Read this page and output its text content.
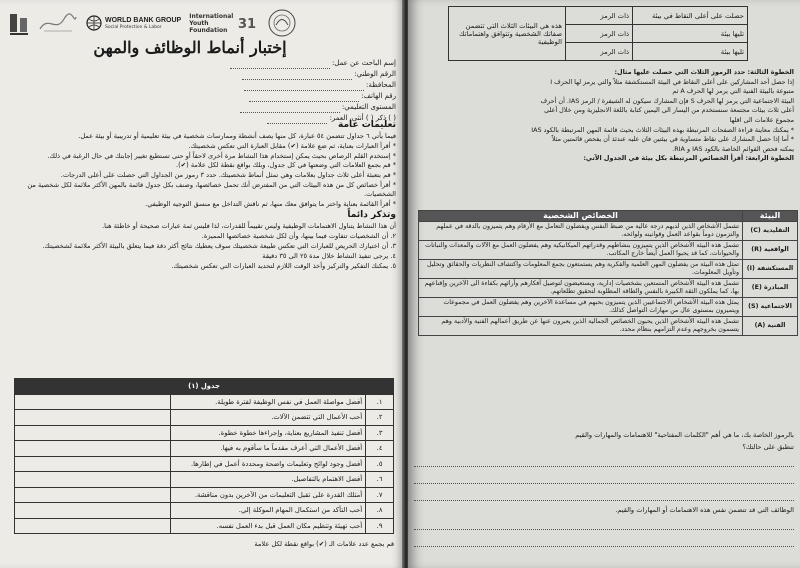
WORLD BANK GROUP
Social Protection & Labor
International Youth Foundation 31
إختبار أنماط الوظائف والمهن
إسم الباحث عن عمل:
الرقم الوطني:
المحافظة:
رقم الهاتف:
المستوى التعليمي:
( ) ذكر ( ) أنثى، العمر:
تعليمات عامة

فيما يأتي ٦ جداول تتضمن ٥٤ عبارة، كل منها يصف أنشطة وممارسات شخصية في بيئة تعليمية أو تدريبية أو بيئة عمل.

* أقرأ العبارات بعناية، ثم ضع علامة (✔) مقابل العبارة التي تعكس شخصيتك.

* إستخدم القلم الرصاص بحيث يمكن إستخدام هذا النشاط مرة أخرى لاحقاً أو حتى تستطيع تغيير إجابتك في حال الرغبة في ذلك.

* قم بجمع العلامات التي وضعتها في كل جدول، وبلك بواقع نقطة لكل علامة (✔).

* قم بتعبئة أعلى ثلاث جداول بعلامات وهي تمثل أنماط شخصيتك. حدد ٣ رموز من الجداول التي حصلت على أعلى الدرجات.

* أقرأ خصائص كل من هذه البيئات التي من المفترض أنك تحمل خصائصها، وصنف بكل جدول قائمة بالمهن الأكثر ملائمة لكل شخصية من الشخصيات.

* أقرأ القائمة بعناية واختر ما يتوافق معك منها، ثم ناقش التداخل مع منسق التوجيه الوظيفي.

وتذكر دائماً

أن هذا النشاط يتناول الاهتمامات الوظيفية وليس تقييماً للقدرات، لذا فليس ثمة عبارات صحيحة أو خاطئة هنا.

٢. أن الشخصيات تتفاوت فيما بينها، وأن لكل شخصية خصائصها المميزة.

٣. أن اختيارك الحريص للعبارات التي تعكس طبيعة شخصيتك سوف يعطيك نتائج أكثر دقة فيما يتعلق بالبيئة الأكثر ملائمة لشخصيتك.

٤. يرجى تنفيذ النشاط خلال مدة ٢٥ الى ٣٥ دقيقة

٥. يمكنك التفكير والتركيز وأخذ الوقت اللازم لتحديد العبارات التي تعكس شخصيتك.

جدول (١)		
١.	أفضل مواصلة العمل في نفس الوظيفة لفترة طويلة.	
٢.	أحب الأعمال التي تتضمن الآلات.	
٣.	أفضل تنفيذ المشاريع بعناية، وإجراءها خطوة خطوة.	
٤.	أفضل الأعمال التي أعرف مقدماً ما سأقوم به فيها.	
٥.	أفضل وجود لوائح وتعليمات واضحة ومحددة أعمل في إطارها.	
٦.	أفضل الاهتمام بالتفاصيل.	
٧.	أمتلك القدرة على تقبل التعليمات من الآخرين بدون مناقشة.	
٨.	أحب التأكد من استكمال المهام الموكلة إلي.	
٩.	أحب تهيئة وتنظيم مكان العمل قبل بدء العمل نفسه.	
قم بجمع عدد علامات الـ (✔) بواقع نقطة لكل علامة
حصلت على أعلى النقاط في بيئة	ذات الرمز	هذه هي البيئات الثلاث التي تتضمن صفاتك الشخصية وتتوافق واهتماماتك الوظيفية
تليها بيئة	ذات الرمز	
تليها بيئة	ذات الرمز	

الخطوة الثالثة: حدد الرموز الثلاث التي حصلت عليها مثال:

إذا حصل أحد المشاركين على أعلى النقاط في البيئة المستكشفة مثلاً والتي يرمز لها الحرف I

متبوعة بالبيئة الفنية التي يرمز لها الحرف A ثم

البيئة الاجتماعية التي يرمز لها الحرف S فإن المشارك سيكون له الشيفرة / الرمز IAS. أن أحرف

أعلى ثلاث بيئات مجتمعة سنستخدم من اليسار الى اليمين كتابة باللغة الانجليزية ومن خلال أعلى

مجموع علامات الى اقلها

* يمكنك معاينة قراءة الصفحات المرتبطة بهذه البيئات الثلاث بحيث قائمة المهن المرتبطة بالكود IAS

* أما إذا حصل المشارك على نقاط متساوية في بيئتين فان عليه عندئذ أن يفحص قائمتين مثلاً

يمكنه فحص القوائم الخاصة بالكود IAS و RIA.

الخطوة الرابعة: أقرأ الخصائص المرتبطة بكل بيئة في الجدول الآتي:

البيئة	الخصائص الشخصية
التقليدية (C)	تشمل الأشخاص الذين لديهم درجة عالية من ضبط النفس ويفضلون التعامل مع الأرقام وهم يتميزون بالدقة في عملهم والتزمون دوماً بقواعد العمل وقوانينه ولوائحه.
الواقعية (R)	تشمل هذه البيئة الأشخاص الذين يتميزون بنشاطهم وقدراتهم الميكانيكية وهم يفضلون العمل مع الآلات والمعدات والنباتات والحيوانات، كما قد يحبوا العمل أيضاً خارج المكاتب.
المستكشفة (I)	تمثل هذه البيئة من يفضلون المهن العلمية والفكرية وهم يستمتعون بجمع المعلومات واكتشاف النظريات والحقائق وتحليل وتأويل المعلومات.
المبادرة (E)	تشمل هذه البيئة الأشخاص المتمتعين بشخصيات إدارية، ويستعيضون لتوصيل أفكارهم وأرائهم بكفاءة الى الآخرين وإقناعهم بها، كما يملكون الثقة الكبيرة بالنفس والطاقة المطلوبة لتحقيق تطلعاتهم.
الاجتماعية (S)	يمثل هذه البيئة الأشخاص الاجتماعيين الذين يتميزون بحبهم في مساعدة الآخرين وهم يفضلون العمل في مجموعات ويتميزون بمستوى عال من مهارات التواصل كذلك.
الفنية (A)	تشمل هذه البيئة الأشخاص الذين يحبون الخصائص الجمالية الذين يعبرون عنها عن طريق أعمالهم الفنية والأدبية وهم يتسمون بخروجهم وعدم التزامهم بنظام محدد.

بالرموز الخاصة بك، ما هي أهم "الكلمات المفتاحية" للاهتمامات والمهارات والقيم

تنطبق على حالتك؟

الوظائف التي قد تتضمن نفس هذه الاهتمامات أو المهارات والقيم.
